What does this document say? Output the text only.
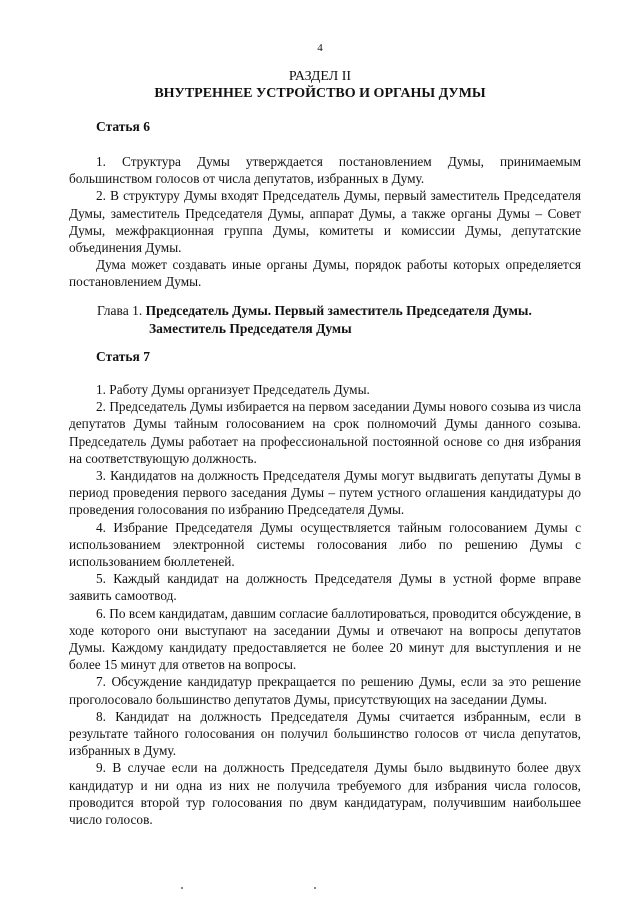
4
РАЗДЕЛ II
ВНУТРЕННЕЕ УСТРОЙСТВО И ОРГАНЫ ДУМЫ
Статья 6

1. Структура Думы утверждается постановлением Думы, принимаемым большинством голосов от числа депутатов, избранных в Думу.

2. В структуру Думы входят Председатель Думы, первый заместитель Председателя Думы, заместитель Председателя Думы, аппарат Думы, а также органы Думы – Совет Думы, межфракционная группа Думы, комитеты и комиссии Думы, депутатские объединения Думы.

Дума может создавать иные органы Думы, порядок работы которых определяется постановлением Думы.

Глава 1. Председатель Думы. Первый заместитель Председателя Думы.
Заместитель Председателя Думы
Статья 7

1. Работу Думы организует Председатель Думы.

2. Председатель Думы избирается на первом заседании Думы нового созыва из числа депутатов Думы тайным голосованием на срок полномочий Думы данного созыва. Председатель Думы работает на профессиональной постоянной основе со дня избрания на соответствующую должность.

3. Кандидатов на должность Председателя Думы могут выдвигать депутаты Думы в период проведения первого заседания Думы – путем устного оглашения кандидатуры до проведения голосования по избранию Председателя Думы.

4. Избрание Председателя Думы осуществляется тайным голосованием Думы с использованием электронной системы голосования либо по решению Думы с использованием бюллетеней.

5. Каждый кандидат на должность Председателя Думы в устной форме вправе заявить самоотвод.

6. По всем кандидатам, давшим согласие баллотироваться, проводится обсуждение, в ходе которого они выступают на заседании Думы и отвечают на вопросы депутатов Думы. Каждому кандидату предоставляется не более 20 минут для выступления и не более 15 минут для ответов на вопросы.

7. Обсуждение кандидатур прекращается по решению Думы, если за это решение проголосовало большинство депутатов Думы, присутствующих на заседании Думы.

8. Кандидат на должность Председателя Думы считается избранным, если в результате тайного голосования он получил большинство голосов от числа депутатов, избранных в Думу.

9. В случае если на должность Председателя Думы было выдвинуто более двух кандидатур и ни одна из них не получила требуемого для избрания числа голосов, проводится второй тур голосования по двум кандидатурам, получившим наибольшее число голосов.
